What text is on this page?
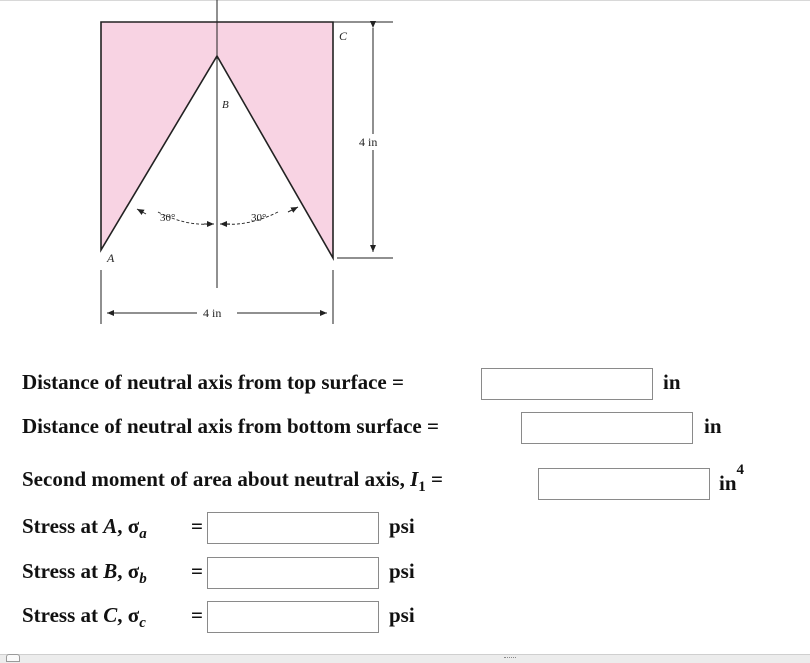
C
B
A
4 in
4 in
30°	30°
Distance of neutral axis from top surface =	in
Distance of neutral axis from bottom surface =	in
Second moment of area about neutral axis, $I_1$ =	$in^4$
Stress at A, $\sigma_a$ =	psi
Stress at B, $\sigma_b$ =	psi
Stress at C, $\sigma_c$ =	psi
